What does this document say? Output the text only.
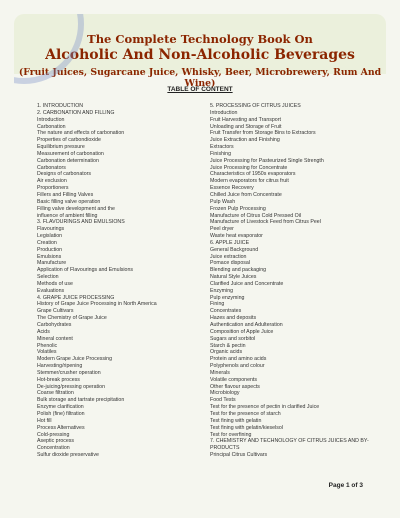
The Complete Technology Book On
Alcoholic And Non-Alcoholic Beverages
(Fruit Juices, Sugarcane Juice, Whisky, Beer, Microbrewery, Rum And Wine)
TABLE OF CONTENT
1. INTRODUCTION
2. CARBONATION AND FILLING
Introduction
Carbonation
The nature and effects of carbonation
Properties of carbondioxide
Equilibrium pressure
Measurement of carbonation
Carbonation determination
Carbonators
Designs of carbonators
Air exclusion
Proportioners
Fillers and Filling Valves
Basic filling valve operation
Filling valve development and the
influence of ambient filling
3. FLAVOURINGS AND EMULSIONS
Flavourings
Legislation
Creation
Production
Emulsions
Manufacture
Application of Flavourings and Emulsions
Selection
Methods of use
Evaluations
4. GRAPE JUICE PROCESSING
History of Grape Juice Processing in North America
Grape Cultivars
The Chemistry of Grape Juice
Carbohydrates
Acids
Mineral content
Phenolic
Volatiles
Modern Grape Juice Processing
Harvesting/ripening
Stemmer/crusher operation
Hot-break process
De-juicing/pressing operation
Coarse filtration
Bulk storage and tartrate precipitation
Enzyme clarification
Polish (fine) filtration
Hot fill
Process Alternatives
Cold-pressing
Aseptic process
Concentration
Sulfur dioxide preservative
5. PROCESSING OF CITRUS JUICES
Introduction
Fruit Harvesting and Transport
Unloading and Storage of Fruit
Fruit Transfer from Storage Bins to Extractors
Juice Extraction and Finishing
Extractors
Finishing
Juice Processing for Pasteurized Single Strength
Juice Processing for Concentrate
Characteristics of 1950s evaporators
Modern evaporators for citrus fruit
Essence Recovery
Chilled Juice from Concentrate
Pulp Wash
Frozen Pulp Processing
Manufacture of Citrus Cold Pressed Oil
Manufacture of Livestock Feed from Citrus Peel
Peel dryer
Waste heat evaporator
6. APPLE JUICE
General Background
Juice extraction
Pomace disposal
Blending and packaging
Natural Style Juices
Clarified Juice and Concentrate
Enzyming
Pulp enzyming
Fining
Concentrates
Hazes and deposits
Authentication and Adulteration
Composition of Apple Juice
Sugars and sorbitol
Starch & pectin
Organic acids
Protein and amino acids
Polyphenols and colour
Minerals
Volatile components
Other flavour aspects
Microbiology
Food Tests
Test for the presence of pectin in clarified Juice
Test for the presence of starch
Test fining with gelatin
Test fining with gelatin/kieselsol
Test for overfining
7. CHEMISTRY AND TECHNOLOGY OF CITRUS JUICES AND BY-PRODUCTS
Principal Citrus Cultivars
Page 1 of 3
